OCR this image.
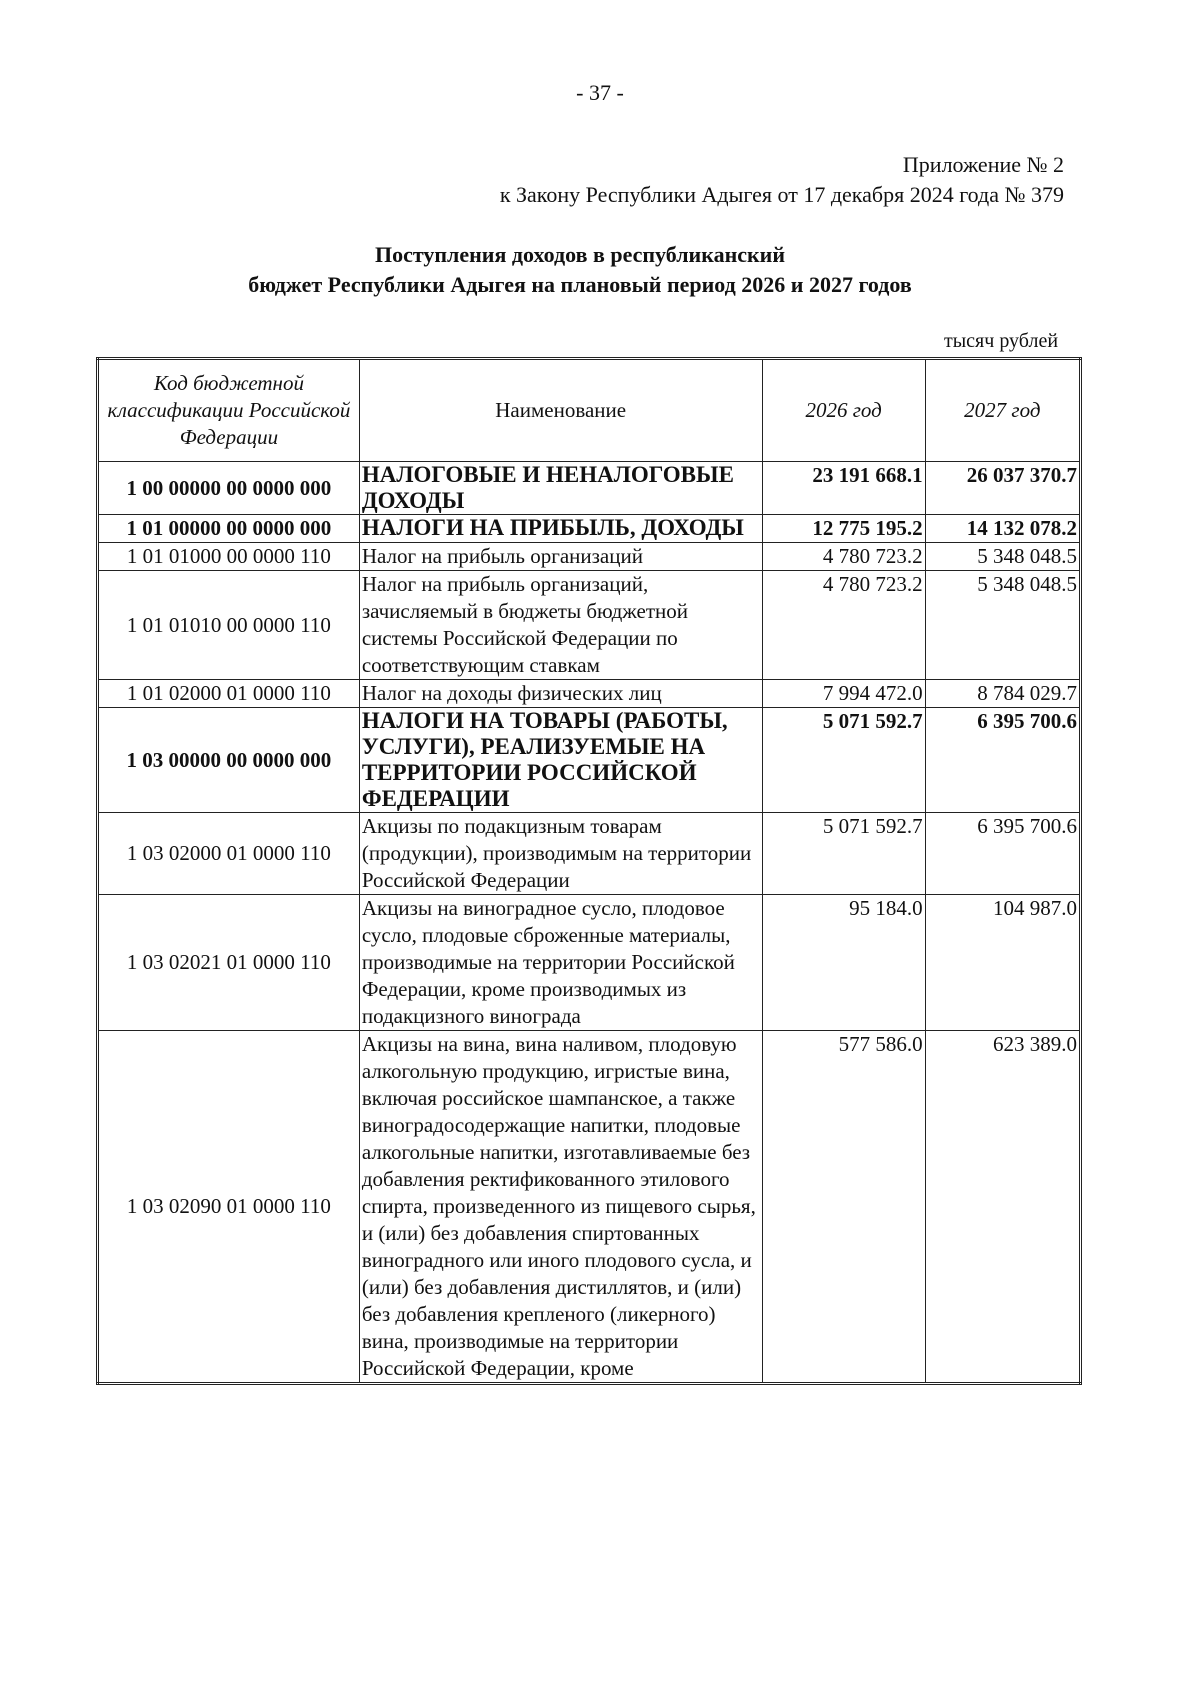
- 37 -
Приложение № 2
к Закону Республики Адыгея от 17 декабря 2024 года № 379
Поступления доходов в республиканский
бюджет Республики Адыгея на плановый период 2026 и 2027 годов
тысяч рублей
Код бюджетной классификации Российской Федерации	Наименование	2026 год	2027 год
1 00 00000 00 0000 000	НАЛОГОВЫЕ И НЕНАЛОГОВЫЕ ДОХОДЫ	23 191 668.1	26 037 370.7
1 01 00000 00 0000 000	НАЛОГИ НА ПРИБЫЛЬ, ДОХОДЫ	12 775 195.2	14 132 078.2
1 01 01000 00 0000 110	Налог на прибыль организаций	4 780 723.2	5 348 048.5
1 01 01010 00 0000 110	Налог на прибыль организаций, зачисляемый в бюджеты бюджетной системы Российской Федерации по соответствующим ставкам	4 780 723.2	5 348 048.5
1 01 02000 01 0000 110	Налог на доходы физических лиц	7 994 472.0	8 784 029.7
1 03 00000 00 0000 000	НАЛОГИ НА ТОВАРЫ (РАБОТЫ, УСЛУГИ), РЕАЛИЗУЕМЫЕ НА ТЕРРИТОРИИ РОССИЙСКОЙ ФЕДЕРАЦИИ	5 071 592.7	6 395 700.6
1 03 02000 01 0000 110	Акцизы по подакцизным товарам (продукции), производимым на территории Российской Федерации	5 071 592.7	6 395 700.6
1 03 02021 01 0000 110	Акцизы на виноградное сусло, плодовое сусло, плодовые сброженные материалы, производимые на территории Российской Федерации, кроме производимых из подакцизного винограда	95 184.0	104 987.0
1 03 02090 01 0000 110	Акцизы на вина, вина наливом, плодовую алкогольную продукцию, игристые вина, включая российское шампанское, а также виноградосодержащие напитки, плодовые алкогольные напитки, изготавливаемые без добавления ректификованного этилового спирта, произведенного из пищевого сырья, и (или) без добавления спиртованных виноградного или иного плодового сусла, и (или) без добавления дистиллятов, и (или) без добавления крепленого (ликерного) вина, производимые на территории Российской Федерации, кроме	577 586.0	623 389.0
